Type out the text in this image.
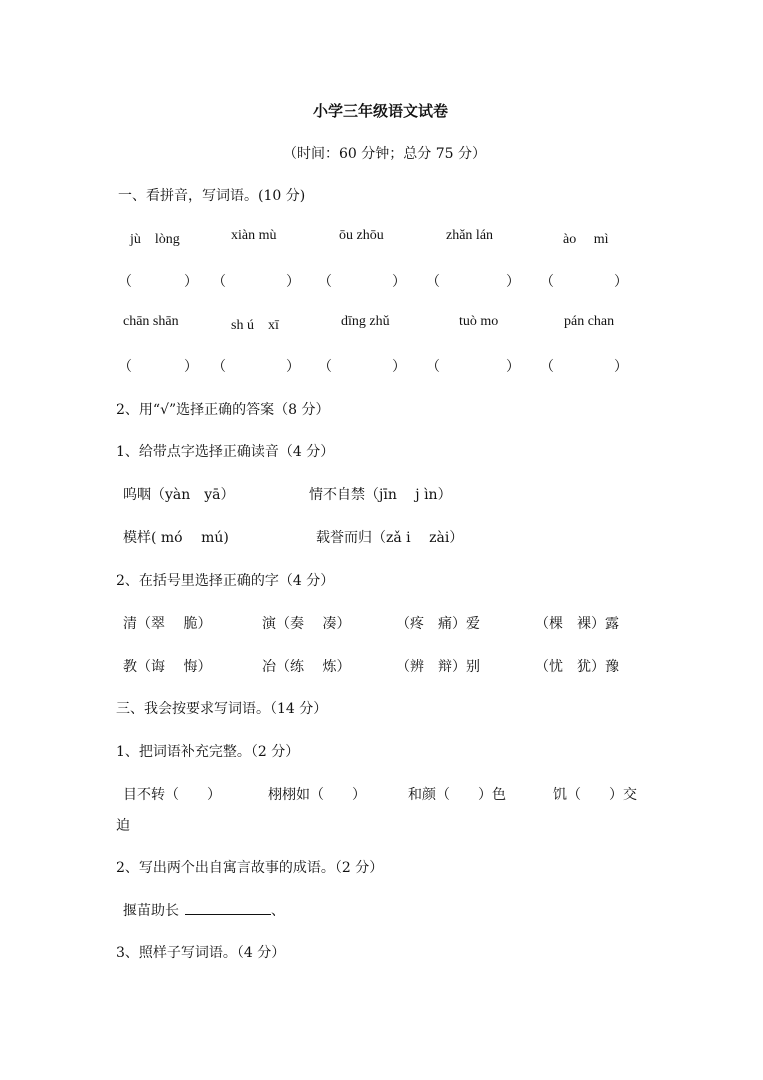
小学三年级语文试卷
（时间：60 分钟；总分 75 分）
一、看拼音，写词语。(10 分)
jù　lòng	xiàn mù	ōu zhōu	zhǎn lán	ào　 mì
（	） （	） （	） （	） （	）
chān shān	sh ú　xī	dīng zhǔ	tuò mo	pán chan
（	） （	） （	） （	） （	）
2、用“√”选择正确的答案（8 分）
1、给带点字选择正确读音（4 分）
呜咽（yàn　yā）	情不自禁（jīn　 j ìn）
模样( mó　 mú)	载誉而归（zǎ i　 zài）
2、在括号里选择正确的字（4 分）
清（翠　 脆）	演（奏　 凑）	（疼　痛）爱	（棵　裸）露
教（诲　 悔）	冶（练　 炼）	（辨　辩）别	（忧　犹）豫
三、我会按要求写词语。（14 分）
1、把词语补充完整。（2 分）
目不转（　　）	栩栩如（　　）	和颜（　　）色	饥（　　）交
迫
2、写出两个出自寓言故事的成语。（2 分）
揠苗助长	、
3、照样子写词语。（4 分）
